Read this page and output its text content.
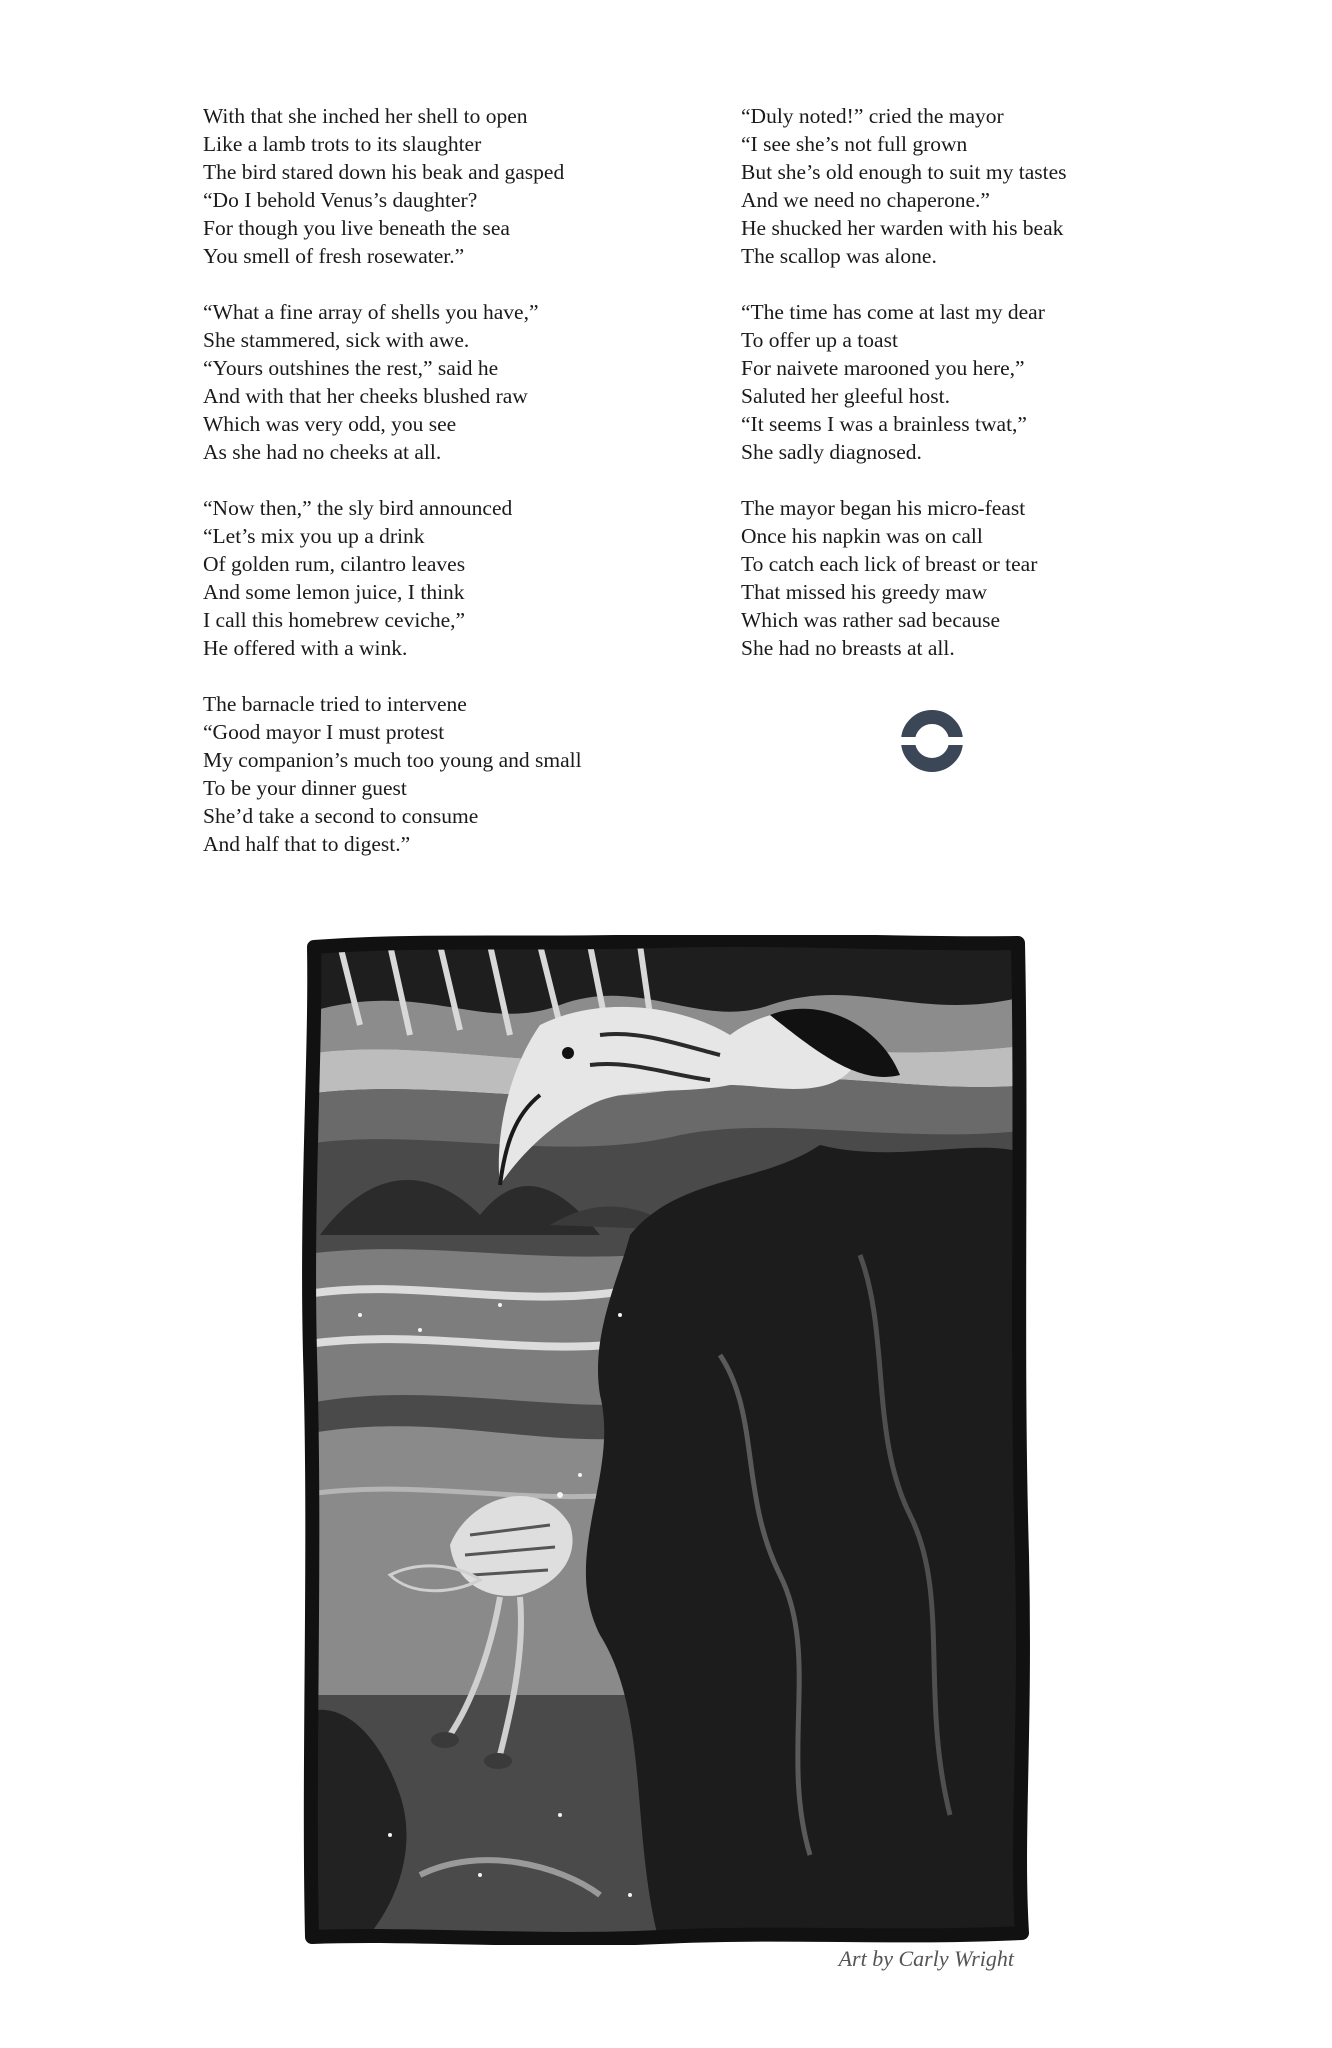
With that she inched her shell to open
Like a lamb trots to its slaughter
The bird stared down his beak and gasped
“Do I behold Venus’s daughter?
For though you live beneath the sea
You smell of fresh rosewater.”
“What a fine array of shells you have,”
She stammered, sick with awe.
“Yours outshines the rest,” said he
And with that her cheeks blushed raw
Which was very odd, you see
As she had no cheeks at all.
“Now then,” the sly bird announced
“Let’s mix you up a drink
Of golden rum, cilantro leaves
And some lemon juice, I think
I call this homebrew ceviche,”
He offered with a wink.
The barnacle tried to intervene
“Good mayor I must protest
My companion’s much too young and small
To be your dinner guest
She’d take a second to consume
And half that to digest.”
“Duly noted!” cried the mayor
“I see she’s not full grown
But she’s old enough to suit my tastes
And we need no chaperone.”
He shucked her warden with his beak
The scallop was alone.
“The time has come at last my dear
To offer up a toast
For naivete marooned you here,”
Saluted her gleeful host.
“It seems I was a brainless twat,”
She sadly diagnosed.
The mayor began his micro-feast
Once his napkin was on call
To catch each lick of breast or tear
That missed his greedy maw
Which was rather sad because
She had no breasts at all.
Art by Carly Wright
